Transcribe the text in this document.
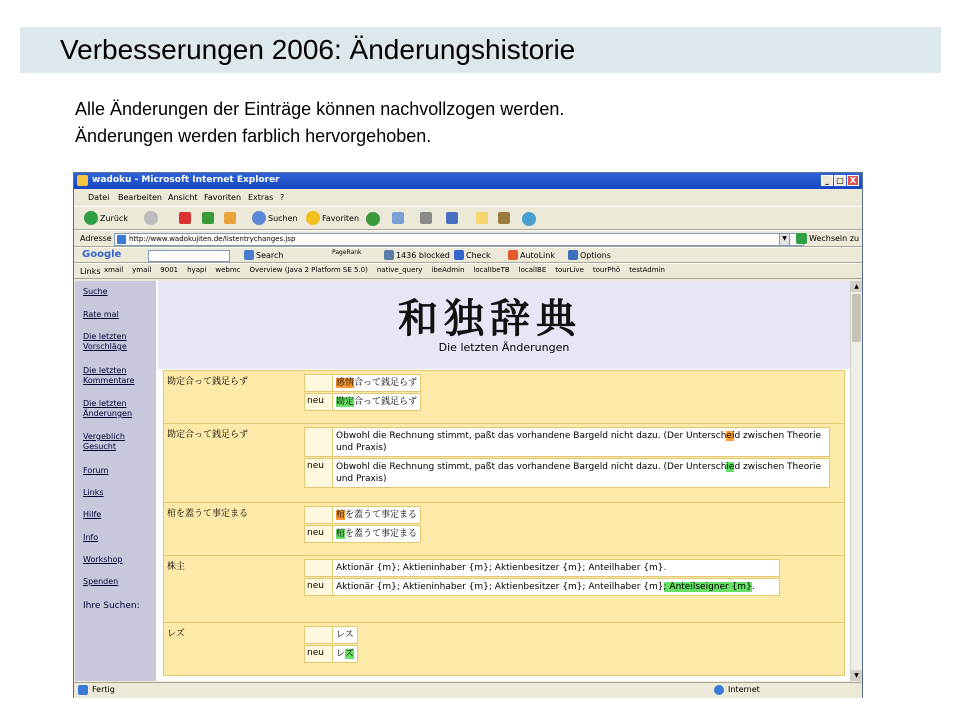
Verbesserungen 2006: Änderungshistorie
Alle Änderungen der Einträge können nachvollzogen werden.
Änderungen werden farblich hervorgehoben.
wadoku - Microsoft Internet Explorer	_ □ X
Datei Bearbeiten Ansicht Favoriten Extras ?
Zurück	Suchen	Favoriten
Adresse	http://www.wadokujiten.de/listentrychanges.jsp	▼	Wechseln zu
Google	Search	PageRank	1436 blocked Check	AutoLink	Options
Links xmail ymail 9001 hyapi webmc Overview (Java 2 Platform SE 5.0) native_query ibeAdmin localIbeTB localIBE tourLive tourPhö testAdmin
Suche
Rate mal
Die letzten Vorschläge
Die letzten Kommentare
Die letzten Änderungen
Vergeblich Gesucht
Forum
Links
Hilfe
Info
Workshop
Spenden
Ihre Suchen:
和独辞典
Die letzten Änderungen
勘定合って銭足らず	感情合って銭足らず
neu	勘定合って銭足らず
勘定合って銭足らず	Obwohl die Rechnung stimmt, paßt das vorhandene Bargeld nicht dazu. (Der Unterscheid zwischen Theorie und Praxis)
neu	Obwohl die Rechnung stimmt, paßt das vorhandene Bargeld nicht dazu. (Der Unterschied zwischen Theorie und Praxis)
棺を蓋うて事定まる	棺を蓋うて事定まる
neu	棺を蓋うて事定まる
株主	Aktionär {m}; Aktieninhaber {m}; Aktienbesitzer {m}; Anteilhaber {m}.
neu	Aktionär {m}; Aktieninhaber {m}; Aktienbesitzer {m}; Anteilhaber {m}; Anteilseigner {m}.
レズ	レス
neu	レズ
▲
▼
Fertig	Internet
